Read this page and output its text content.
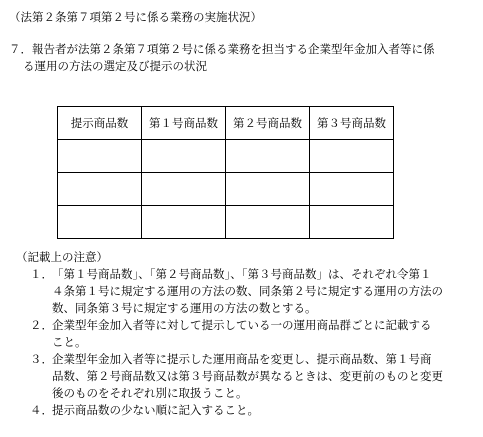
（法第２条第７項第２号に係る業務の実施状況）
７．報告者が法第２条第７項第２号に係る業務を担当する企業型年金加入者等に係
る運用の方法の選定及び提示の状況
提示商品数	第１号商品数	第２号商品数	第３号商品数

（記載上の注意）
１． 「第１号商品数」、「第２号商品数」、「第３号商品数」は、それぞれ令第１
４条第１号に規定する運用の方法の数、同条第２号に規定する運用の方法の
数、同条第３号に規定する運用の方法の数とする。
２． 企業型年金加入者等に対して提示している一の運用商品群ごとに記載する
こと。
３． 企業型年金加入者等に提示した運用商品を変更し、提示商品数、第１号商
品数、第２号商品数又は第３号商品数が異なるときは、変更前のものと変更
後のものをそれぞれ別に取扱うこと。
４． 提示商品数の少ない順に記入すること。
